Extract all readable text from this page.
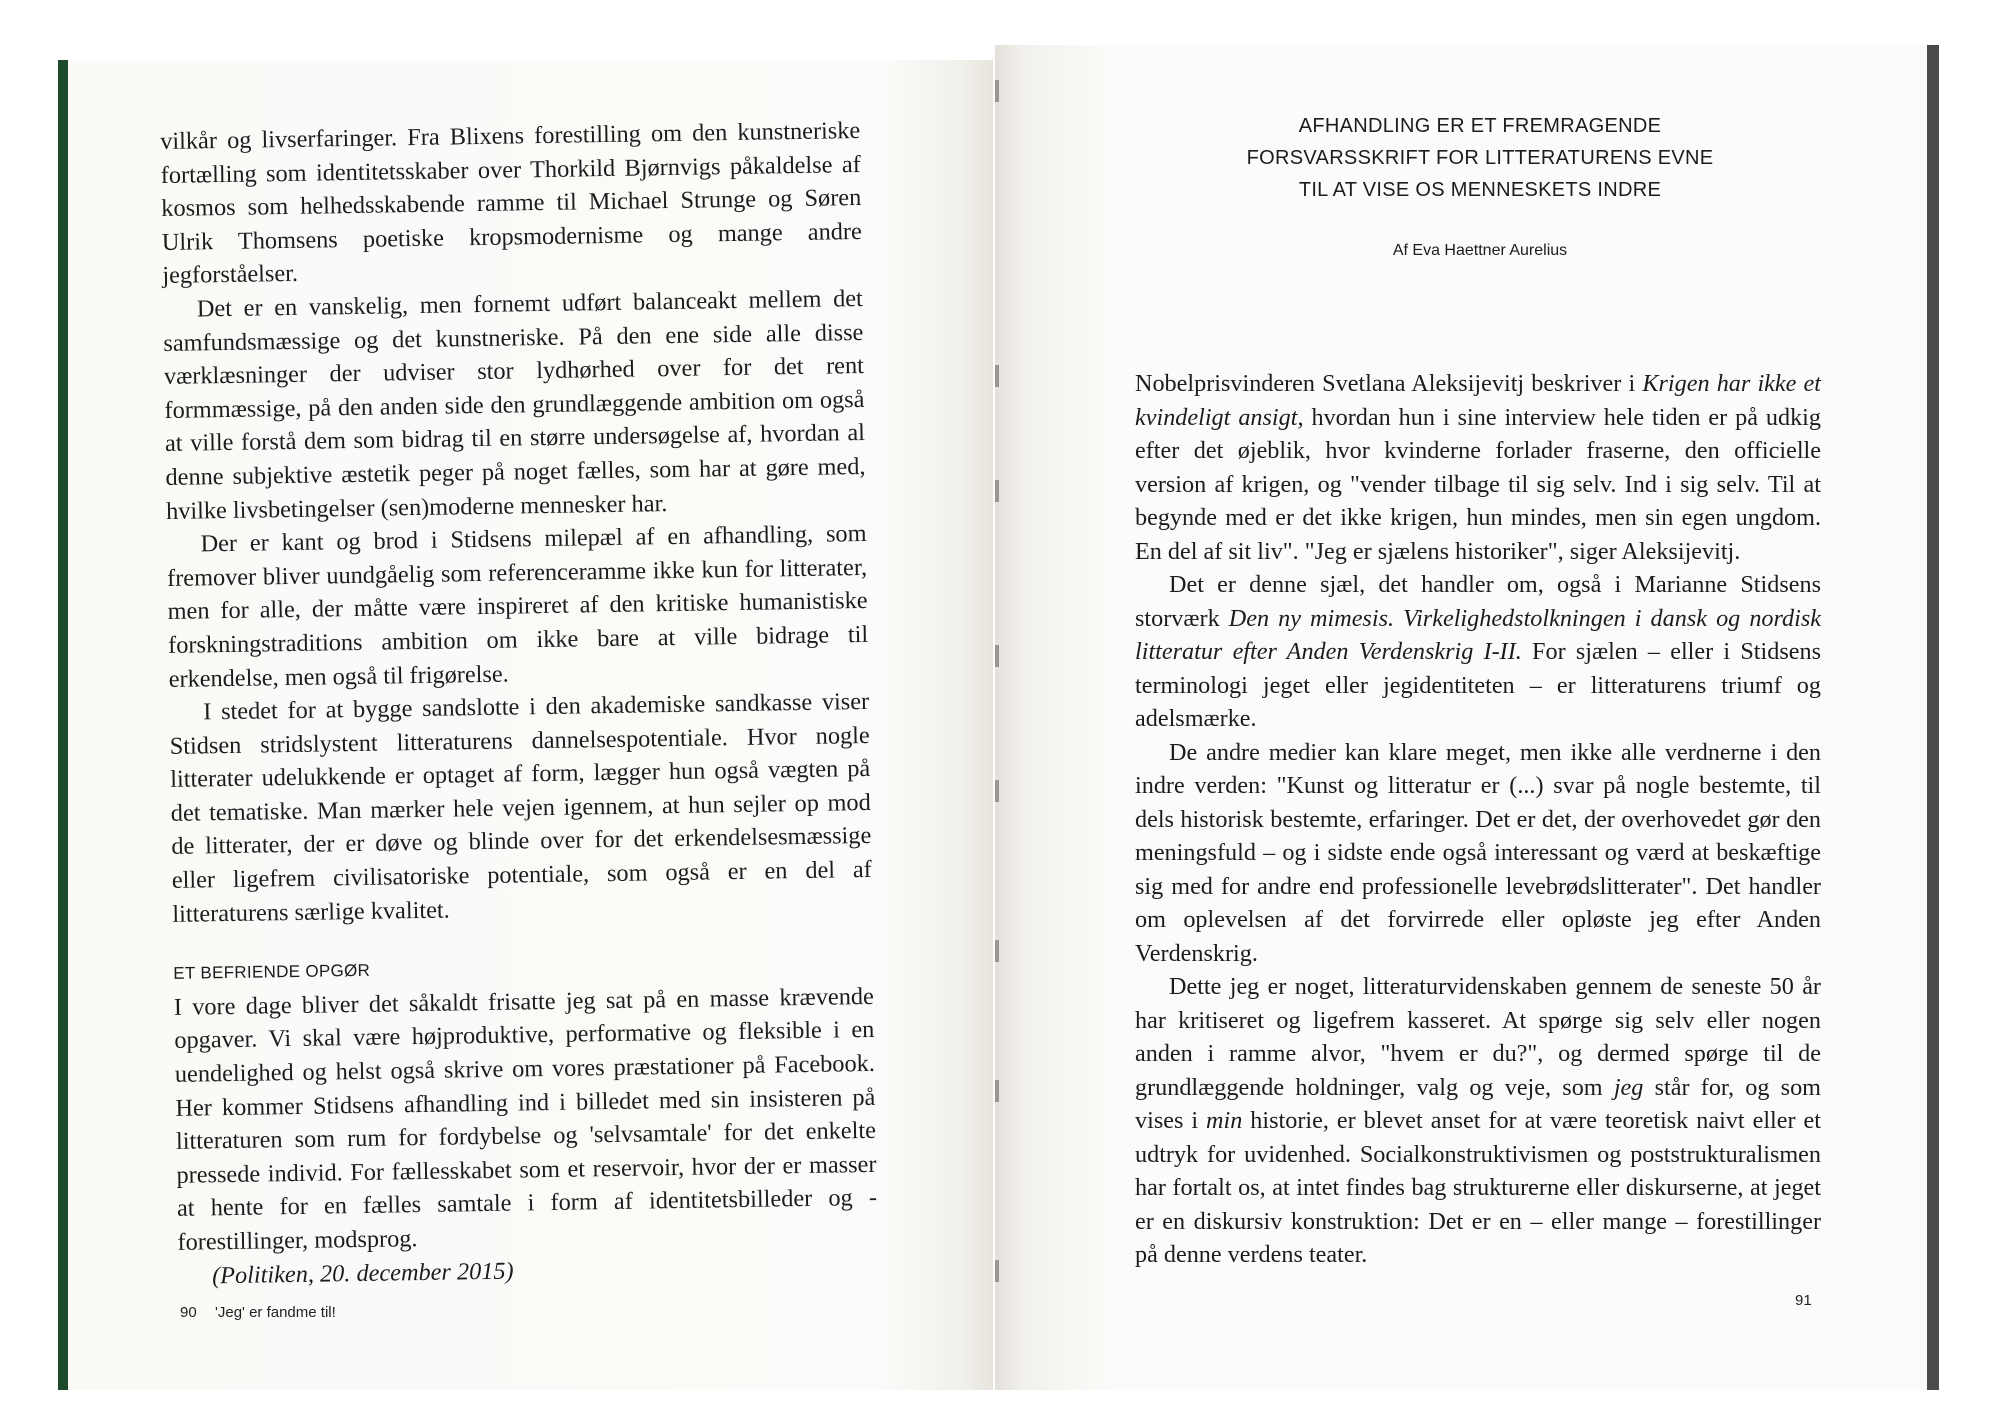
vilkår og livserfaringer. Fra Blixens forestilling om den kunstneriske fortælling som identitetsskaber over Thorkild Bjørnvigs påkaldelse af kosmos som helhedsskabende ramme til Michael Strunge og Søren Ulrik Thomsens poetiske kropsmodernisme og mange andre jegforståelser.

Det er en vanskelig, men fornemt udført balanceakt mellem det samfundsmæssige og det kunstneriske. På den ene side alle disse værklæsninger der udviser stor lydhørhed over for det rent formmæssige, på den anden side den grundlæggende ambition om også at ville forstå dem som bidrag til en større undersøgelse af, hvordan al denne subjektive æstetik peger på noget fælles, som har at gøre med, hvilke livsbetingelser (sen)moderne mennesker har.

Der er kant og brod i Stidsens milepæl af en afhandling, som fremover bliver uundgåelig som referenceramme ikke kun for litterater, men for alle, der måtte være inspireret af den kritiske humanistiske forskningstraditions ambition om ikke bare at ville bidrage til erkendelse, men også til frigørelse.

I stedet for at bygge sandslotte i den akademiske sandkasse viser Stidsen stridslystent litteraturens dannelsespotentiale. Hvor nogle litterater udelukkende er optaget af form, lægger hun også vægten på det tematiske. Man mærker hele vejen igennem, at hun sejler op mod de litterater, der er døve og blinde over for det erkendelsesmæssige eller ligefrem civilisatoriske potentiale, som også er en del af litteraturens særlige kvalitet.

ET BEFRIENDE OPGØR

I vore dage bliver det såkaldt frisatte jeg sat på en masse krævende opgaver. Vi skal være højproduktive, performative og fleksible i en uendelighed og helst også skrive om vores præstationer på Facebook. Her kommer Stidsens afhandling ind i billedet med sin insisteren på litteraturen som rum for fordybelse og 'selvsamtale' for det enkelte pressede individ. For fællesskabet som et reservoir, hvor der er masser at hente for en fælles samtale i form af identitetsbilleder og -forestillinger, modsprog.

(Politiken, 20. december 2015)

90 'Jeg' er fandme til!
AFHANDLING ER ET FREMRAGENDE
FORSVARSSKRIFT FOR LITTERATURENS EVNE
TIL AT VISE OS MENNESKETS INDRE
Af Eva Haettner Aurelius

Nobelprisvinderen Svetlana Aleksijevitj beskriver i Krigen har ikke et kvindeligt ansigt, hvordan hun i sine interview hele tiden er på udkig efter det øjeblik, hvor kvinderne forlader fraserne, den officielle version af krigen, og "vender tilbage til sig selv. Ind i sig selv. Til at begynde med er det ikke krigen, hun mindes, men sin egen ungdom. En del af sit liv". "Jeg er sjælens historiker", siger Aleksijevitj.

Det er denne sjæl, det handler om, også i Marianne Stidsens storværk Den ny mimesis. Virkelighedstolkningen i dansk og nordisk litteratur efter Anden Verdenskrig I-II. For sjælen – eller i Stidsens terminologi jeget eller jegidentiteten – er litteraturens triumf og adelsmærke.

De andre medier kan klare meget, men ikke alle verdnerne i den indre verden: "Kunst og litteratur er (...) svar på nogle bestemte, til dels historisk bestemte, erfaringer. Det er det, der overhovedet gør den meningsfuld – og i sidste ende også interessant og værd at beskæftige sig med for andre end professionelle levebrødslitterater". Det handler om oplevelsen af det forvirrede eller opløste jeg efter Anden Verdenskrig.

Dette jeg er noget, litteraturvidenskaben gennem de seneste 50 år har kritiseret og ligefrem kasseret. At spørge sig selv eller nogen anden i ramme alvor, "hvem er du?", og dermed spørge til de grundlæggende holdninger, valg og veje, som jeg står for, og som vises i min historie, er blevet anset for at være teoretisk naivt eller et udtryk for uvidenhed. Socialkonstruktivismen og poststrukturalismen har fortalt os, at intet findes bag strukturerne eller diskurserne, at jeget er en diskursiv konstruktion: Det er en – eller mange – forestillinger på denne verdens teater.

91
